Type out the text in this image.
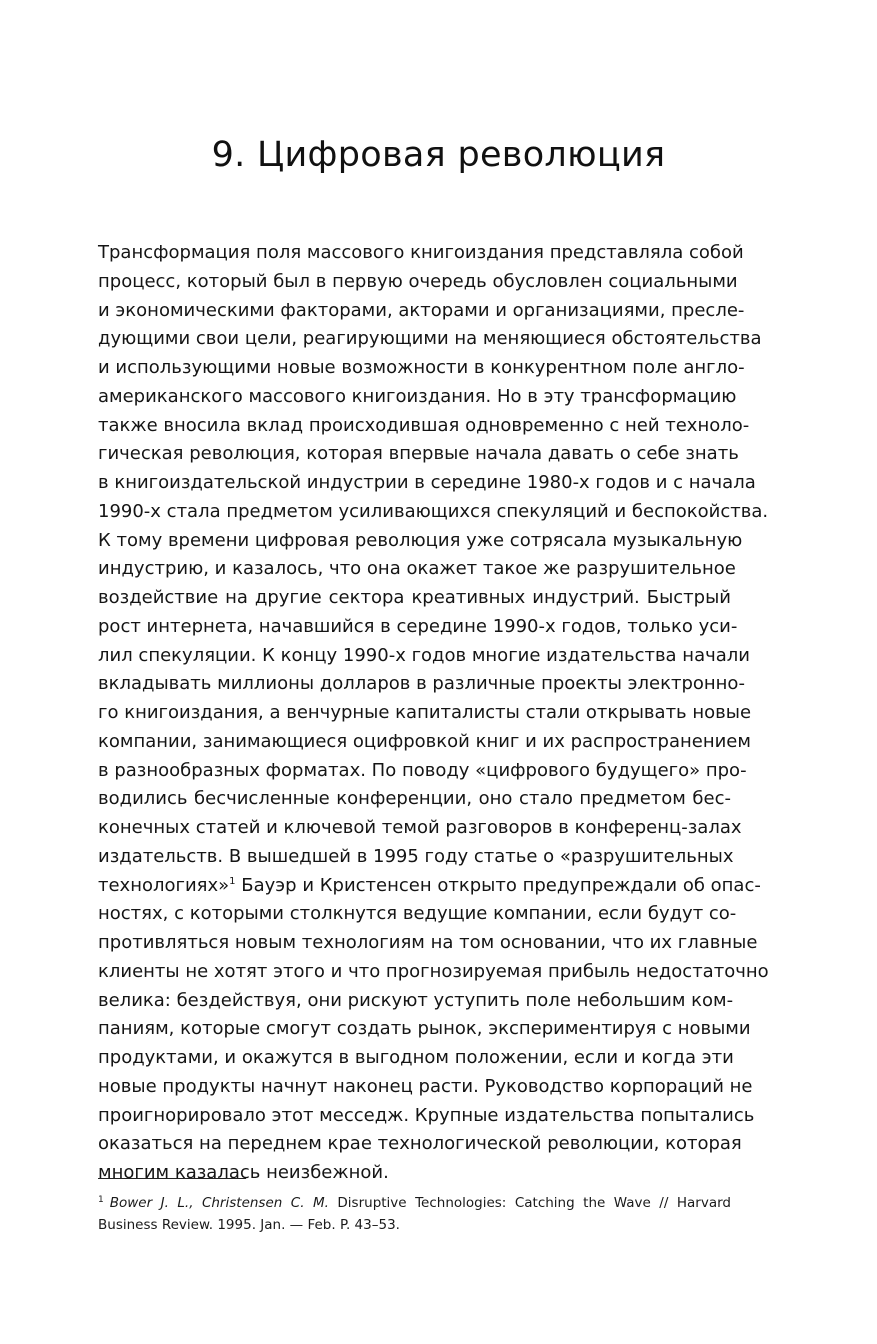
9. Цифровая революция
Трансформация поля массового книгоиздания представляла собой
процесс, который был в первую очередь обусловлен социальными
и экономическими факторами, акторами и организациями, пресле-
дующими свои цели, реагирующими на меняющиеся обстоятельства
и использующими новые возможности в конкурентном поле англо-
американского массового книгоиздания. Но в эту трансформацию
также вносила вклад происходившая одновременно с ней техноло-
гическая революция, которая впервые начала давать о себе знать
в книгоиздательской индустрии в середине 1980-х годов и с начала
1990-х стала предметом усиливающихся спекуляций и беспокойства.
К тому времени цифровая революция уже сотрясала музыкальную
индустрию, и казалось, что она окажет такое же разрушительное
воздействие на другие сектора креативных индустрий. Быстрый
рост интернета, начавшийся в середине 1990-х годов, только уси-
лил спекуляции. К концу 1990-х годов многие издательства начали
вкладывать миллионы долларов в различные проекты электронно-
го книгоиздания, а венчурные капиталисты стали открывать новые
компании, занимающиеся оцифровкой книг и их распространением
в разнообразных форматах. По поводу «цифрового будущего» про-
водились бесчисленные конференции, оно стало предметом бес-
конечных статей и ключевой темой разговоров в конференц-залах
издательств. В вышедшей в 1995 году статье о «разрушительных
технологиях»$^1$ Бауэр и Кристенсен открыто предупреждали об опас-
ностях, с которыми столкнутся ведущие компании, если будут со-
противляться новым технологиям на том основании, что их главные
клиенты не хотят этого и что прогнозируемая прибыль недостаточно
велика: бездействуя, они рискуют уступить поле небольшим ком-
паниям, которые смогут создать рынок, экспериментируя с новыми
продуктами, и окажутся в выгодном положении, если и когда эти
новые продукты начнут наконец расти. Руководство корпораций не
проигнорировало этот месседж. Крупные издательства попытались
оказаться на переднем крае технологической революции, которая
многим казалась неизбежной.
$^1$ Bower J. L., Christensen C. M. Disruptive Technologies: Catching the Wave // Harvard
Business Review. 1995. Jan. — Feb. P. 43–53.
